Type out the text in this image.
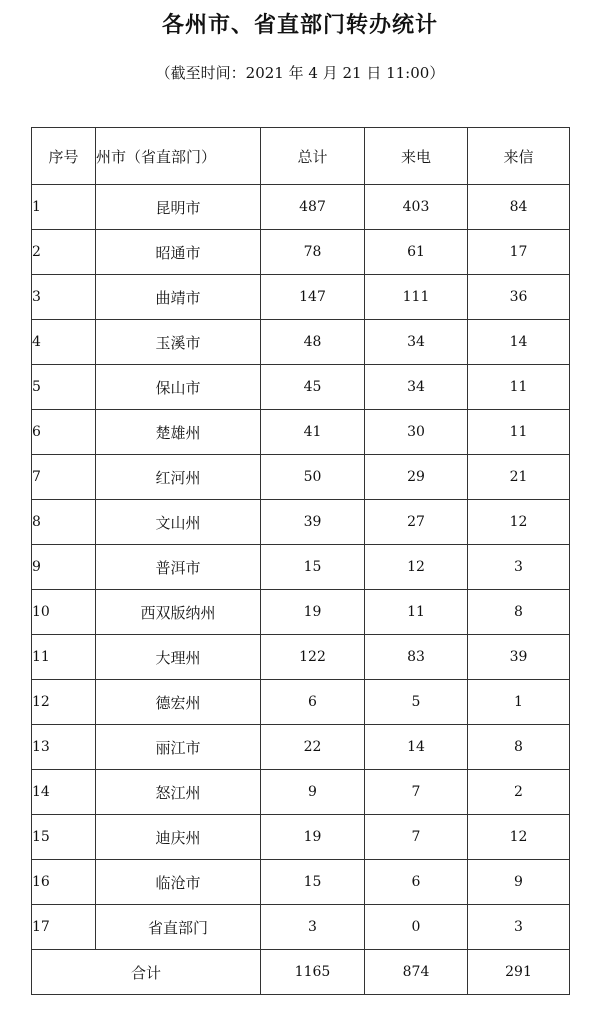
各州市、省直部门转办统计
（截至时间：2021 年 4 月 21 日 11:00）
序号	州市（省直部门）	总计	来电	来信
1	昆明市	487	403	84
2	昭通市	78	61	17
3	曲靖市	147	111	36
4	玉溪市	48	34	14
5	保山市	45	34	11
6	楚雄州	41	30	11
7	红河州	50	29	21
8	文山州	39	27	12
9	普洱市	15	12	3
10	西双版纳州	19	11	8
11	大理州	122	83	39
12	德宏州	6	5	1
13	丽江市	22	14	8
14	怒江州	9	7	2
15	迪庆州	19	7	12
16	临沧市	15	6	9
17	省直部门	3	0	3
合计		1165	874	291
